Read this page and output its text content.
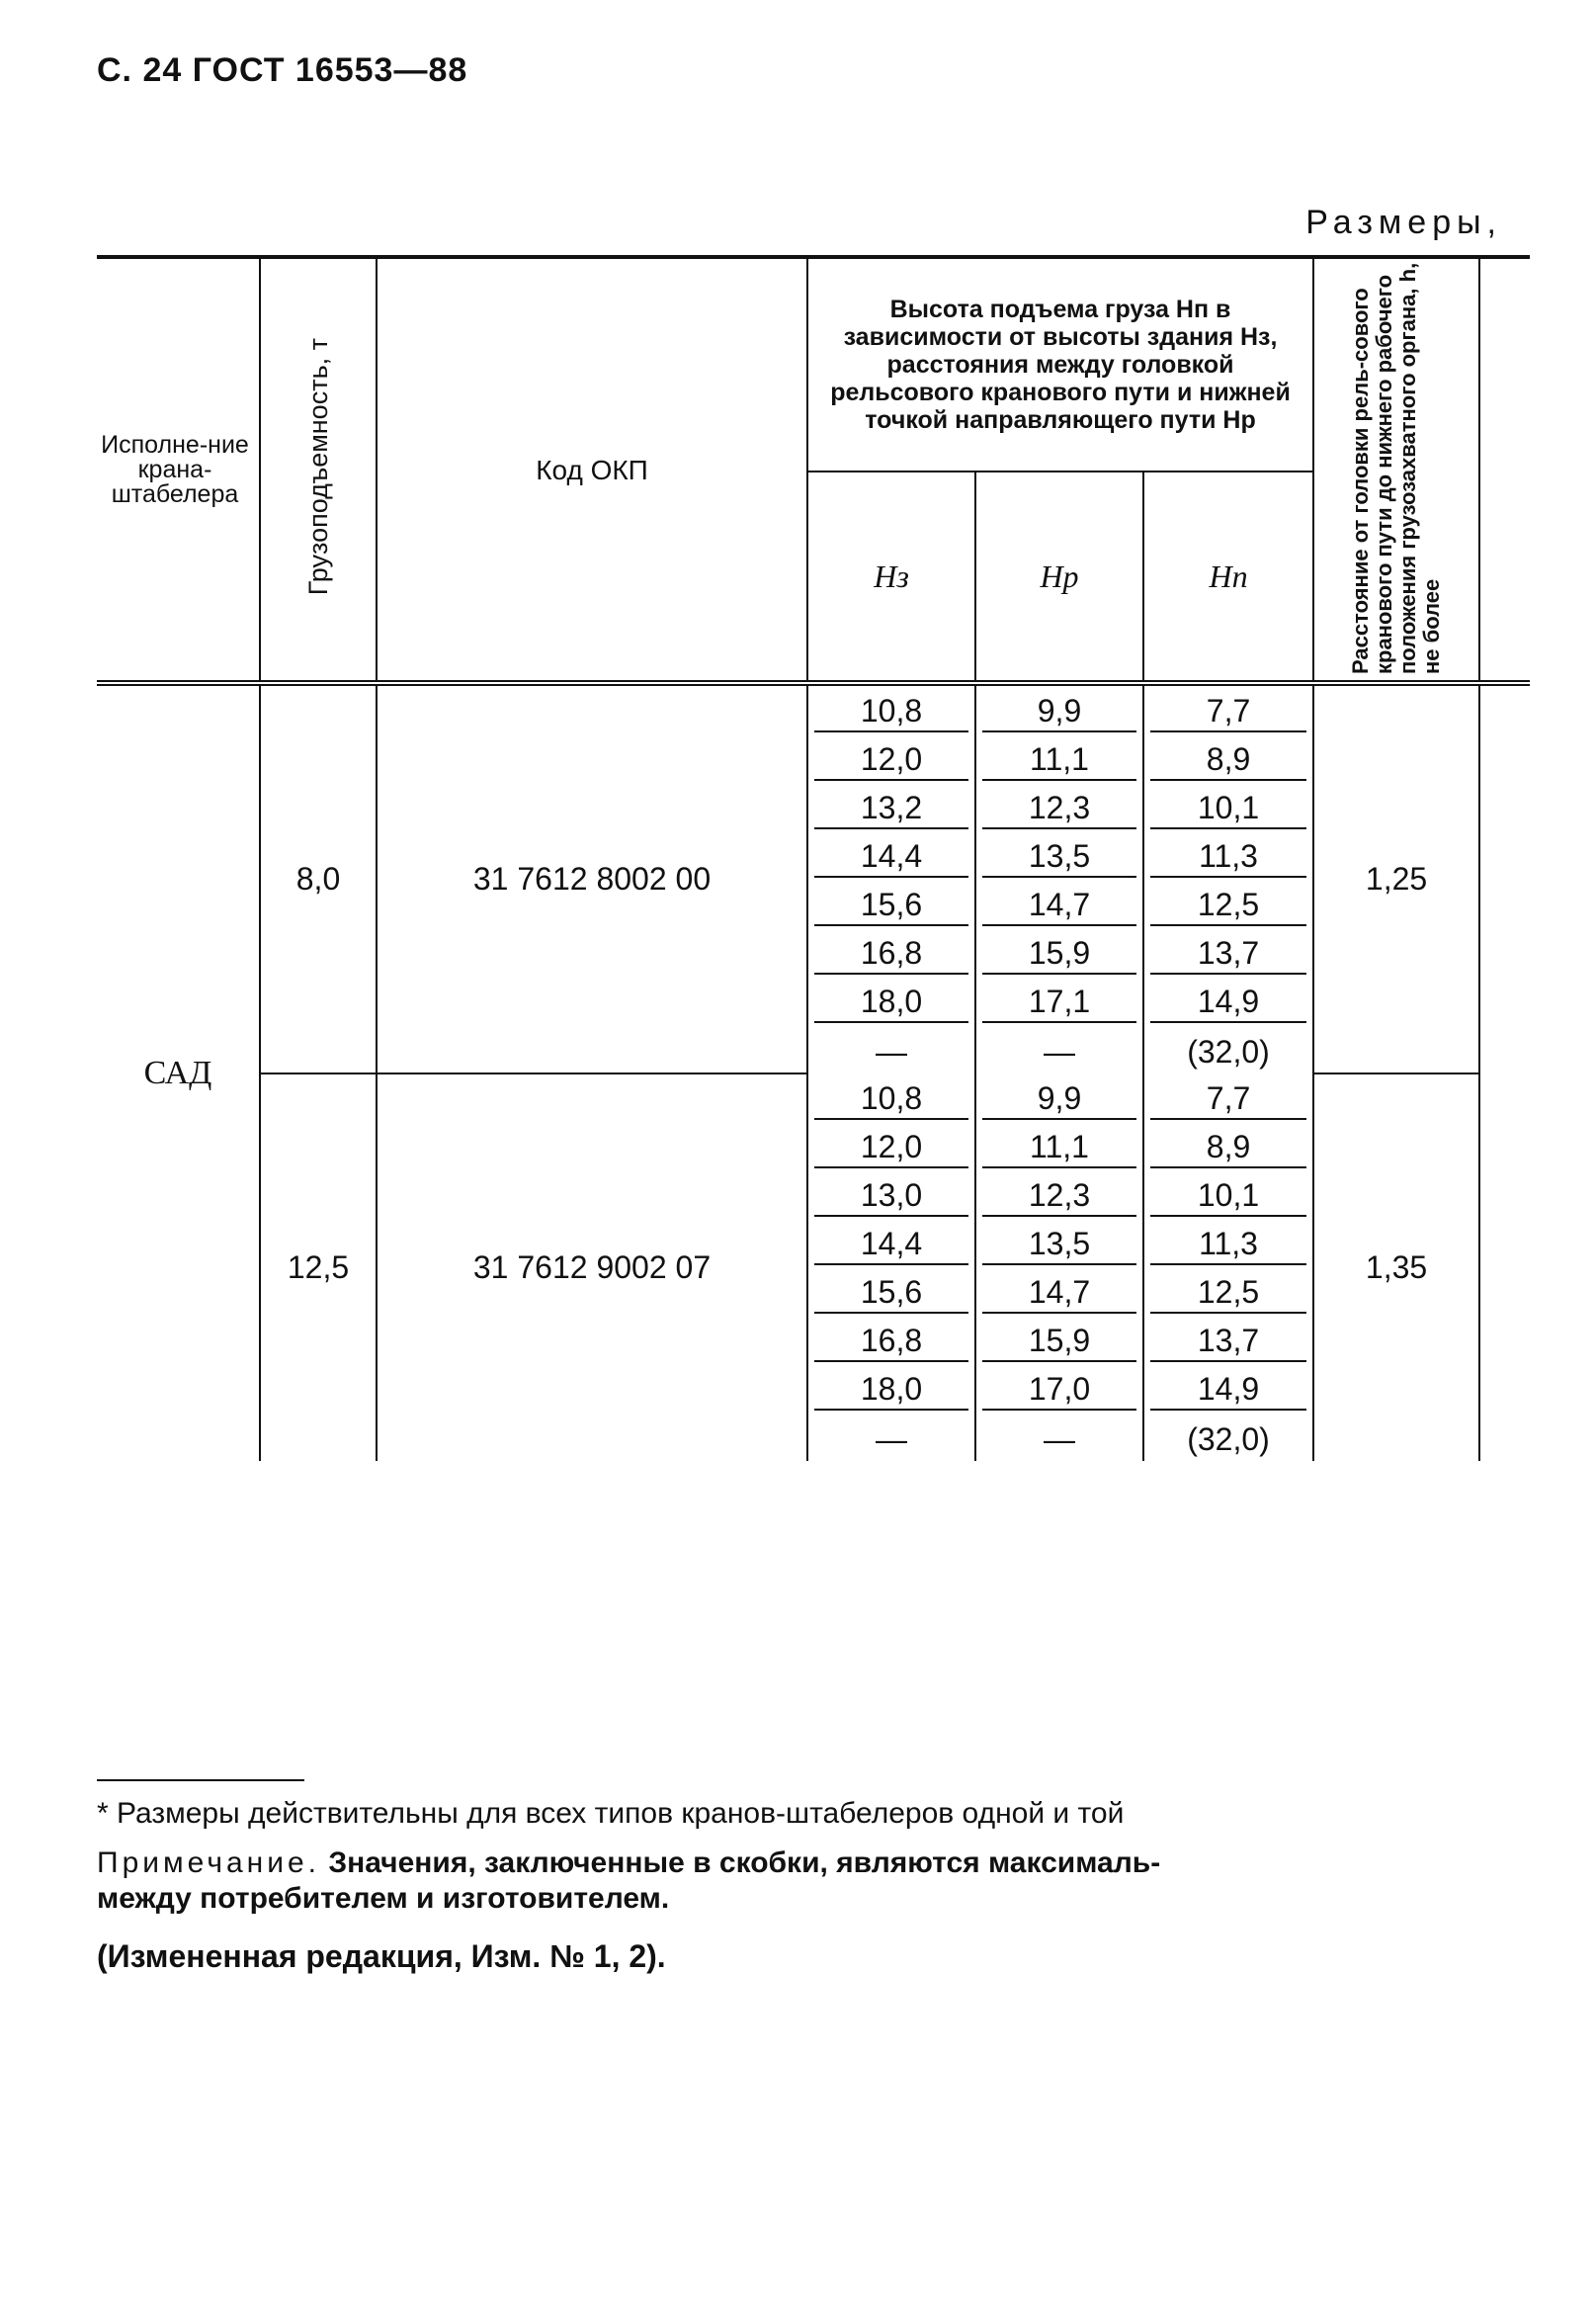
С. 24 ГОСТ 16553—88
Размеры,
Исполне-ние крана-штабелера	Грузоподъемность, т	Код ОКП	Высота подъема груза Hп в зависимости от высоты здания Hз, расстояния между головкой рельсового кранового пути и нижней точкой направляющего пути Hр			Расстояние от головки рель-сового кранового пути до нижнего рабочего положения грузозахватного органа, h, не более	
			Hз	Hр	Hп		

САД	8,0	31 7612 8002 00	10,8	9,9	7,7	1,25	

			12,0	11,1	8,9		

			13,2	12,3	10,1		

			14,4	13,5	11,3		

			15,6	14,7	12,5		

			16,8	15,9	13,7		

			18,0	17,1	14,9		

			—	—	(32,0)		

	12,5	31 7612 9002 07	10,8	9,9	7,7	1,35	

			12,0	11,1	8,9		

			13,0	12,3	10,1		

			14,4	13,5	11,3		

			15,6	14,7	12,5		

			16,8	15,9	13,7		

			18,0	17,0	14,9		

			—	—	(32,0)		
* Размеры действительны для всех типов кранов-штабелеров одной и той
Примечание. Значения, заключенные в скобки, являются максималь-
между потребителем и изготовителем.
(Измененная редакция, Изм. № 1, 2).
